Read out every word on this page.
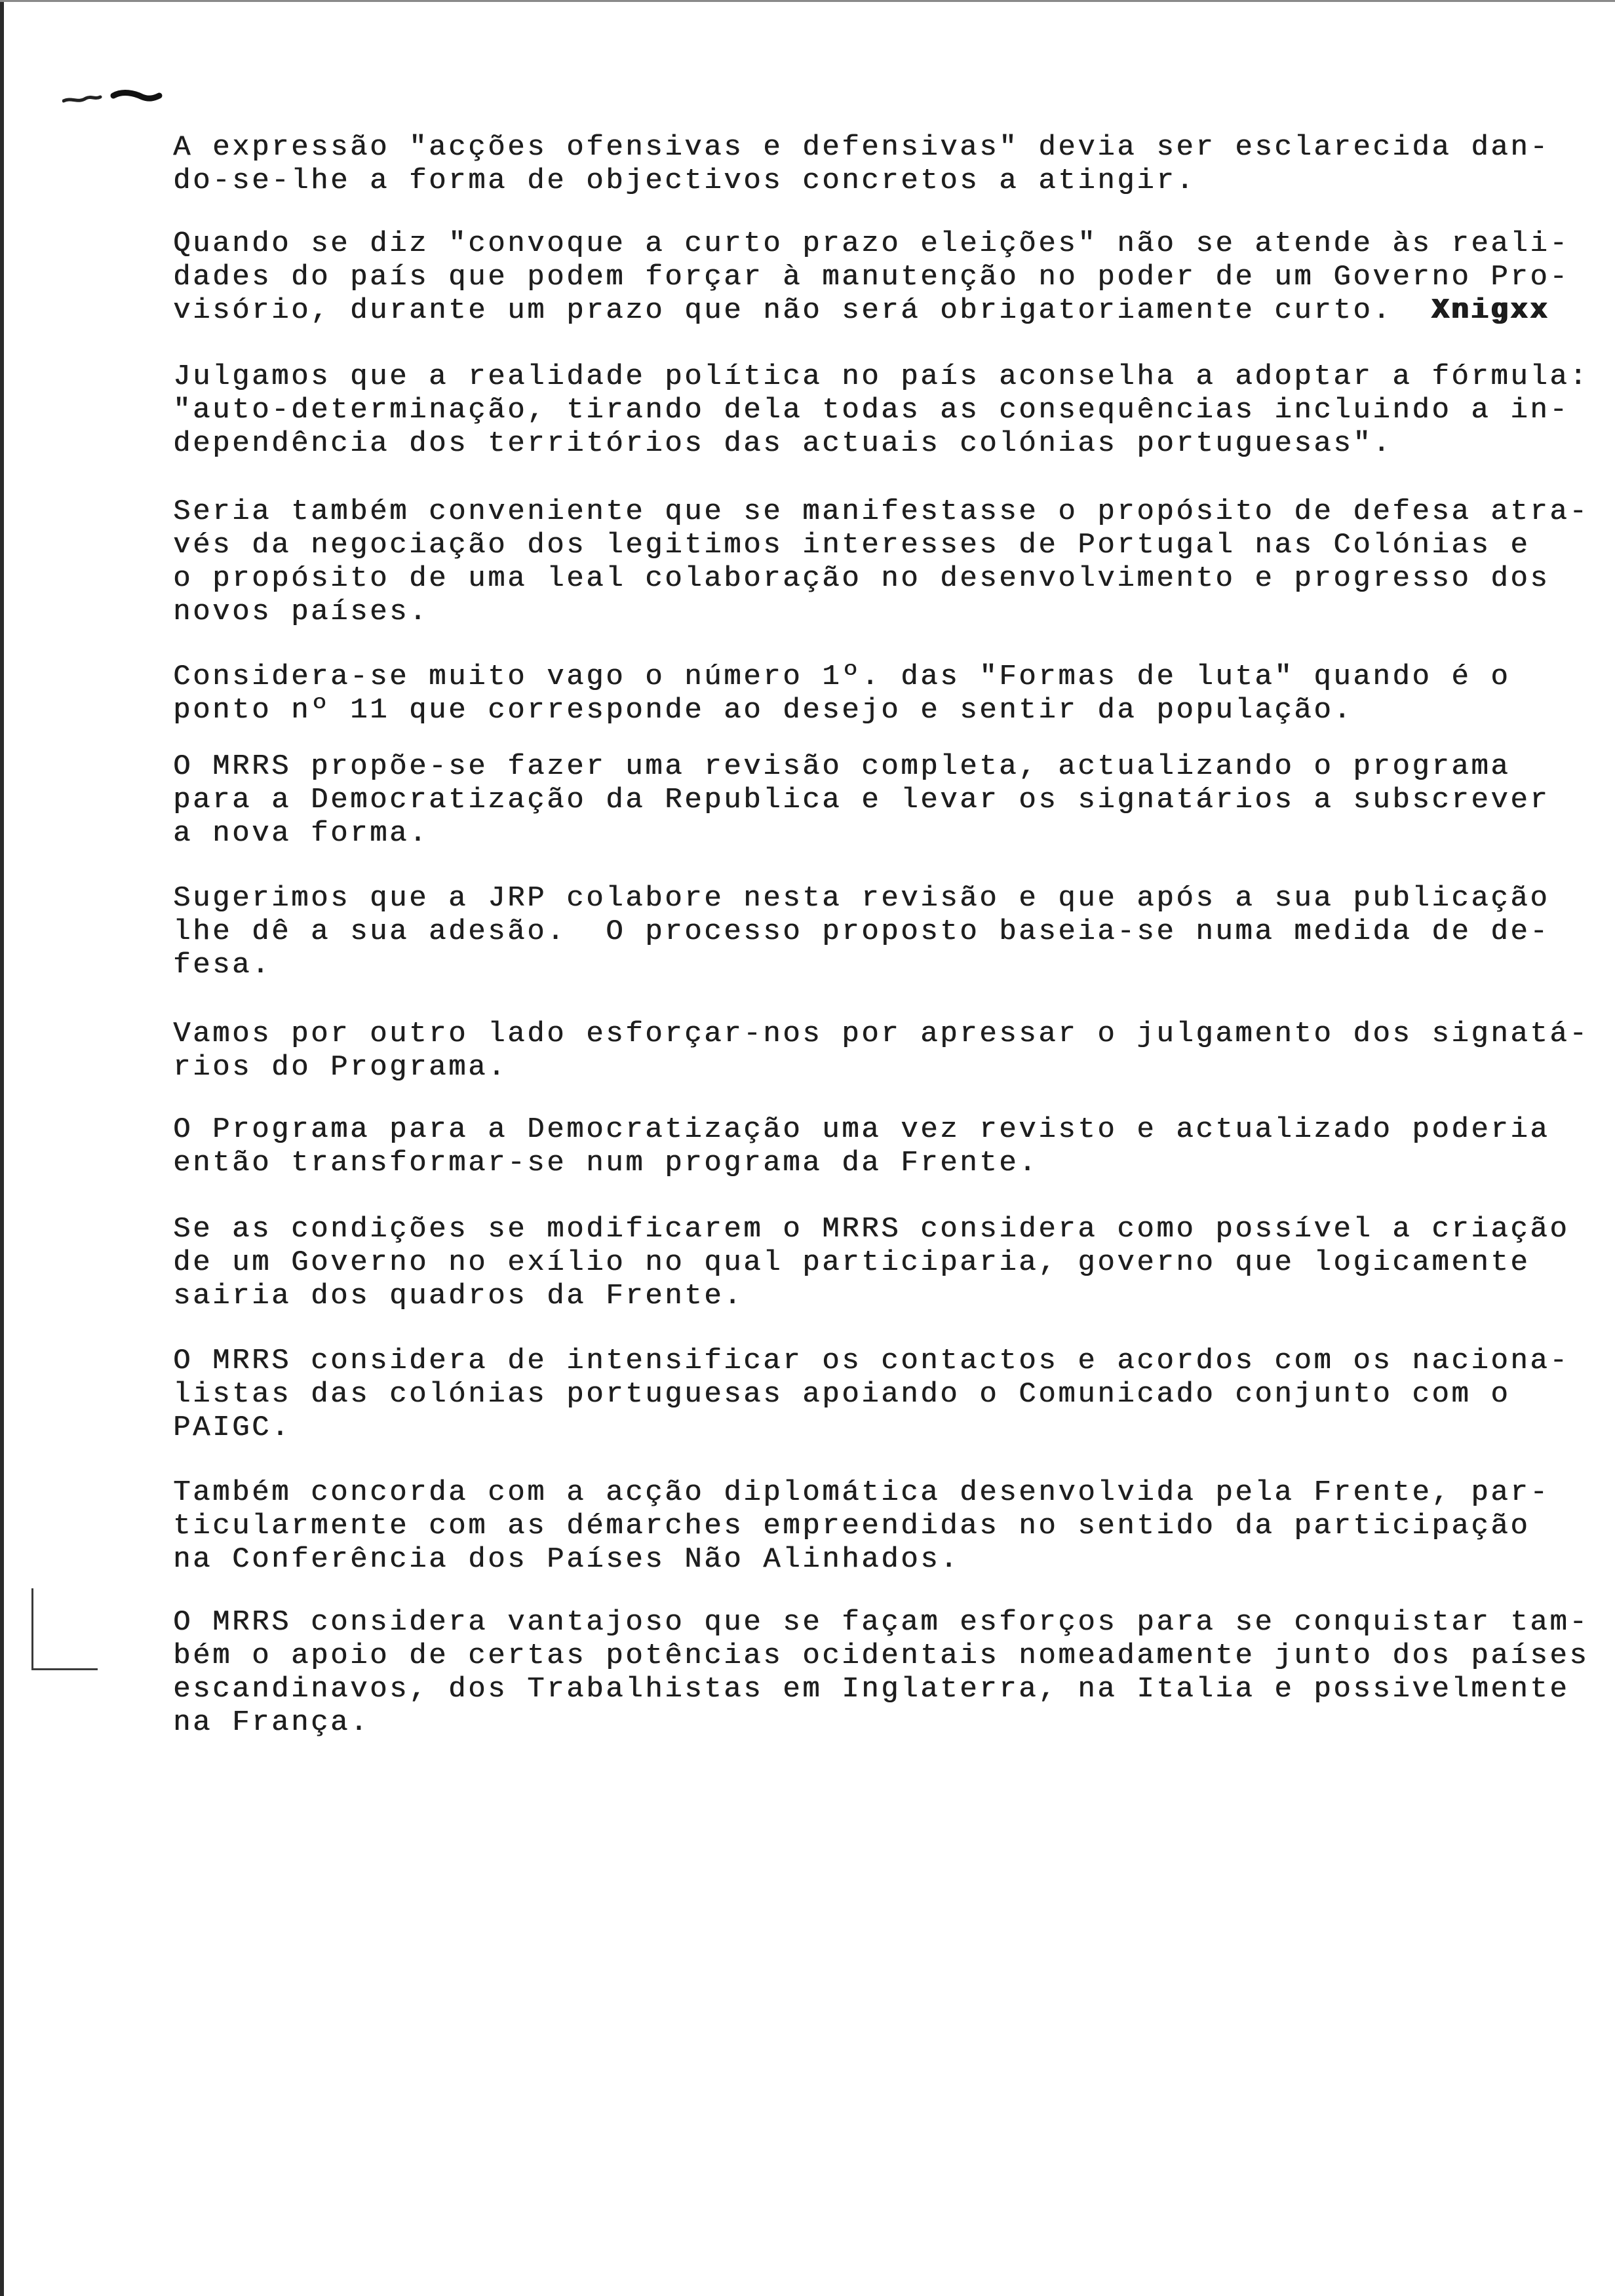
A expressão "acções ofensivas e defensivas" devia ser esclarecida dan-
do-se-lhe a forma de objectivos concretos a atingir.
Quando se diz "convoque a curto prazo eleições" não se atende às reali-
dades do país que podem forçar à manutenção no poder de um Governo Pro-
visório, durante um prazo que não será obrigatoriamente curto. Xnigxx
Julgamos que a realidade política no país aconselha a adoptar a fórmula:
"auto-determinação, tirando dela todas as consequências incluindo a in-
dependência dos territórios das actuais colónias portuguesas".
Seria também conveniente que se manifestasse o propósito de defesa atra-
vés da negociação dos legitimos interesses de Portugal nas Colónias e
o propósito de uma leal colaboração no desenvolvimento e progresso dos
novos países.
Considera-se muito vago o número 1º. das "Formas de luta" quando é o
ponto nº 11 que corresponde ao desejo e sentir da população.
O MRRS propõe-se fazer uma revisão completa, actualizando o programa
para a Democratização da Republica e levar os signatários a subscrever
a nova forma.
Sugerimos que a JRP colabore nesta revisão e que após a sua publicação
lhe dê a sua adesão.  O processo proposto baseia-se numa medida de de-
fesa.
Vamos por outro lado esforçar-nos por apressar o julgamento dos signatá-
rios do Programa.
O Programa para a Democratização uma vez revisto e actualizado poderia
então transformar-se num programa da Frente.
Se as condições se modificarem o MRRS considera como possível a criação
de um Governo no exílio no qual participaria, governo que logicamente
sairia dos quadros da Frente.
O MRRS considera de intensificar os contactos e acordos com os naciona-
listas das colónias portuguesas apoiando o Comunicado conjunto com o
PAIGC.
Também concorda com a acção diplomática desenvolvida pela Frente, par-
ticularmente com as démarches empreendidas no sentido da participação
na Conferência dos Países Não Alinhados.
O MRRS considera vantajoso que se façam esforços para se conquistar tam-
bém o apoio de certas potências ocidentais nomeadamente junto dos países
escandinavos, dos Trabalhistas em Inglaterra, na Italia e possivelmente
na França.
